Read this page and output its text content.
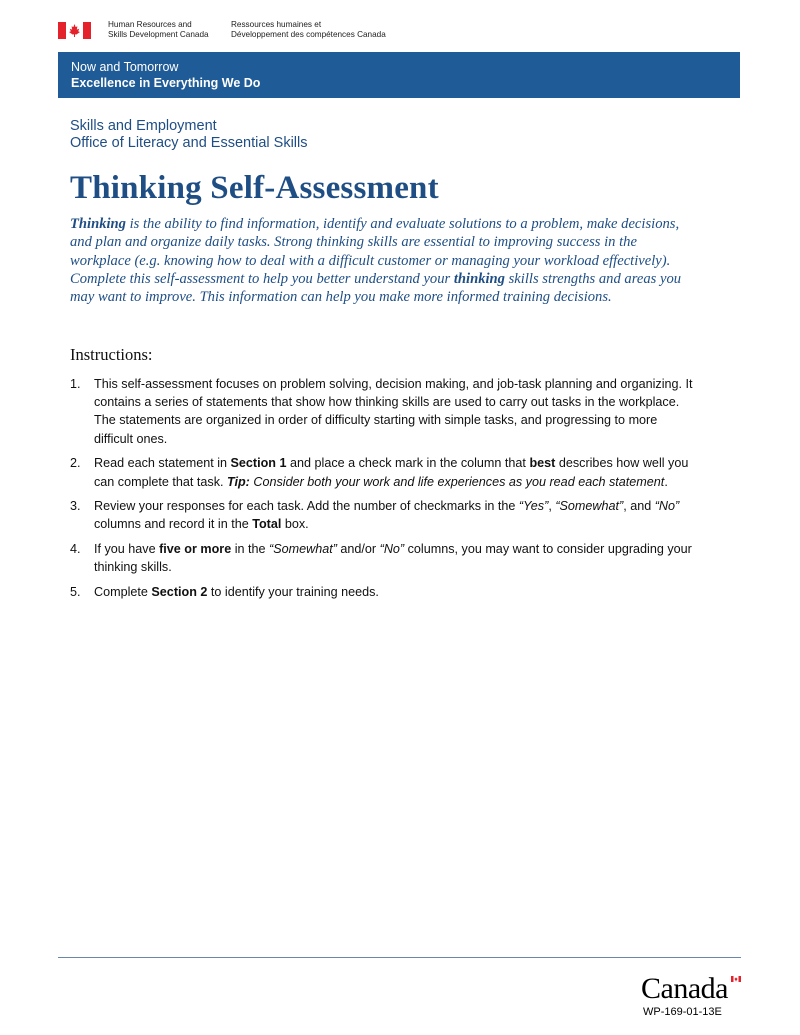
Human Resources and
Skills Development Canada
Ressources humaines et
Développement des compétences Canada
Now and Tomorrow
Excellence in Everything We Do
Skills and Employment
Office of Literacy and Essential Skills
Thinking Self-Assessment

Thinking is the ability to find information, identify and evaluate solutions to a problem, make decisions, and plan and organize daily tasks. Strong thinking skills are essential to improving success in the workplace (e.g. knowing how to deal with a difficult customer or managing your workload effectively). Complete this self-assessment to help you better understand your thinking skills strengths and areas you may want to improve. This information can help you make more informed training decisions.

Instructions:
1. This self-assessment focuses on problem solving, decision making, and job-task planning and organizing. It contains a series of statements that show how thinking skills are used to carry out tasks in the workplace. The statements are organized in order of difficulty starting with simple tasks, and progressing to more difficult ones.
2. Read each statement in Section 1 and place a check mark in the column that best describes how well you can complete that task. Tip: Consider both your work and life experiences as you read each statement.
3. Review your responses for each task. Add the number of checkmarks in the “Yes”, “Somewhat”, and “No” columns and record it in the Total box.
4. If you have five or more in the “Somewhat” and/or “No” columns, you may want to consider upgrading your thinking skills.
5. Complete Section 2 to identify your training needs.
Canada
WP-169-01-13E
